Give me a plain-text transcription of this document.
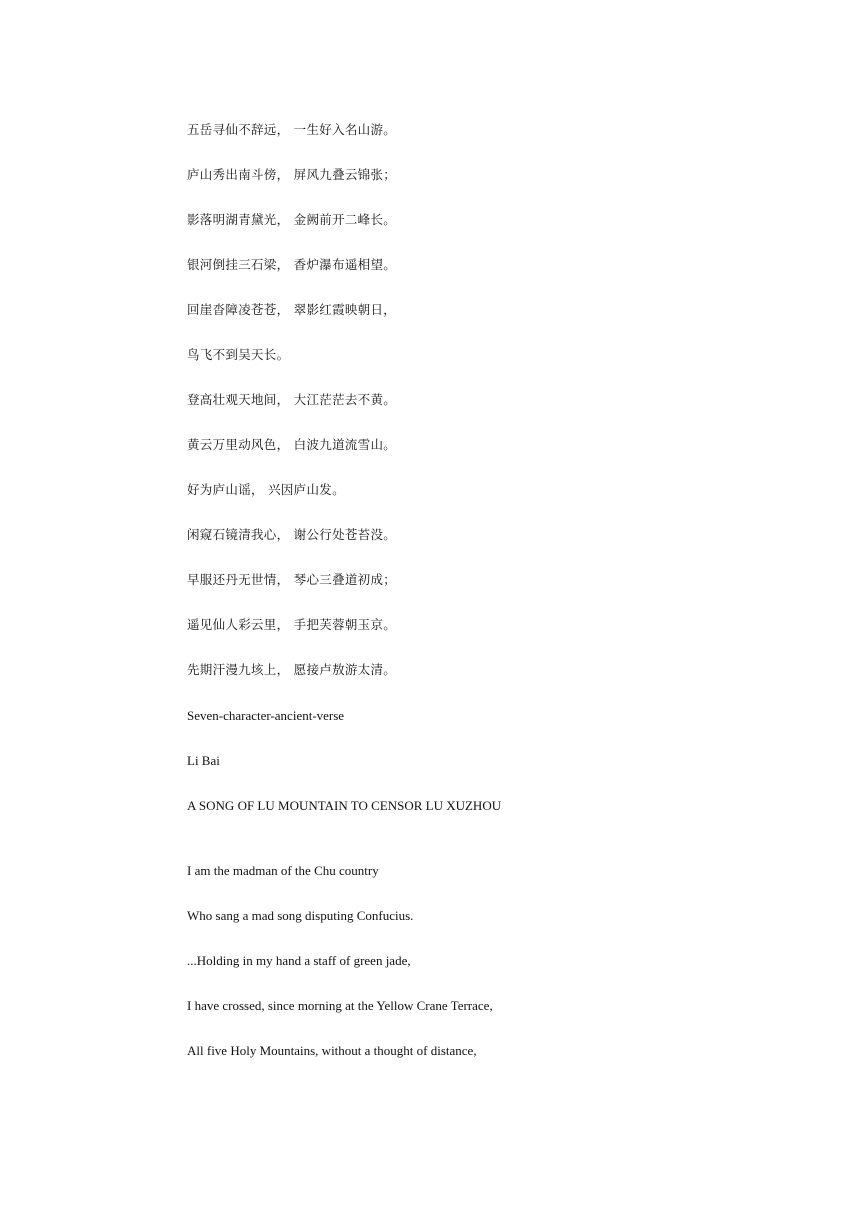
五岳寻仙不辞远， 一生好入名山游。
庐山秀出南斗傍， 屏风九叠云锦张；
影落明湖青黛光， 金阙前开二峰长。
银河倒挂三石梁， 香炉瀑布遥相望。
回崖沓障凌苍苍， 翠影红霞映朝日，
鸟飞不到吴天长。
登高壮观天地间， 大江茫茫去不黄。
黄云万里动风色， 白波九道流雪山。
好为庐山谣， 兴因庐山发。
闲窥石镜清我心， 谢公行处苍苔没。
早服还丹无世情， 琴心三叠道初成；
遥见仙人彩云里， 手把芙蓉朝玉京。
先期汗漫九垓上， 愿接卢敖游太清。
Seven-character-ancient-verse
Li Bai
A SONG OF LU MOUNTAIN TO CENSOR LU XUZHOU
I am the madman of the Chu country
Who sang a mad song disputing Confucius.
...Holding in my hand a staff of green jade,
I have crossed, since morning at the Yellow Crane Terrace,
All five Holy Mountains, without a thought of distance,
